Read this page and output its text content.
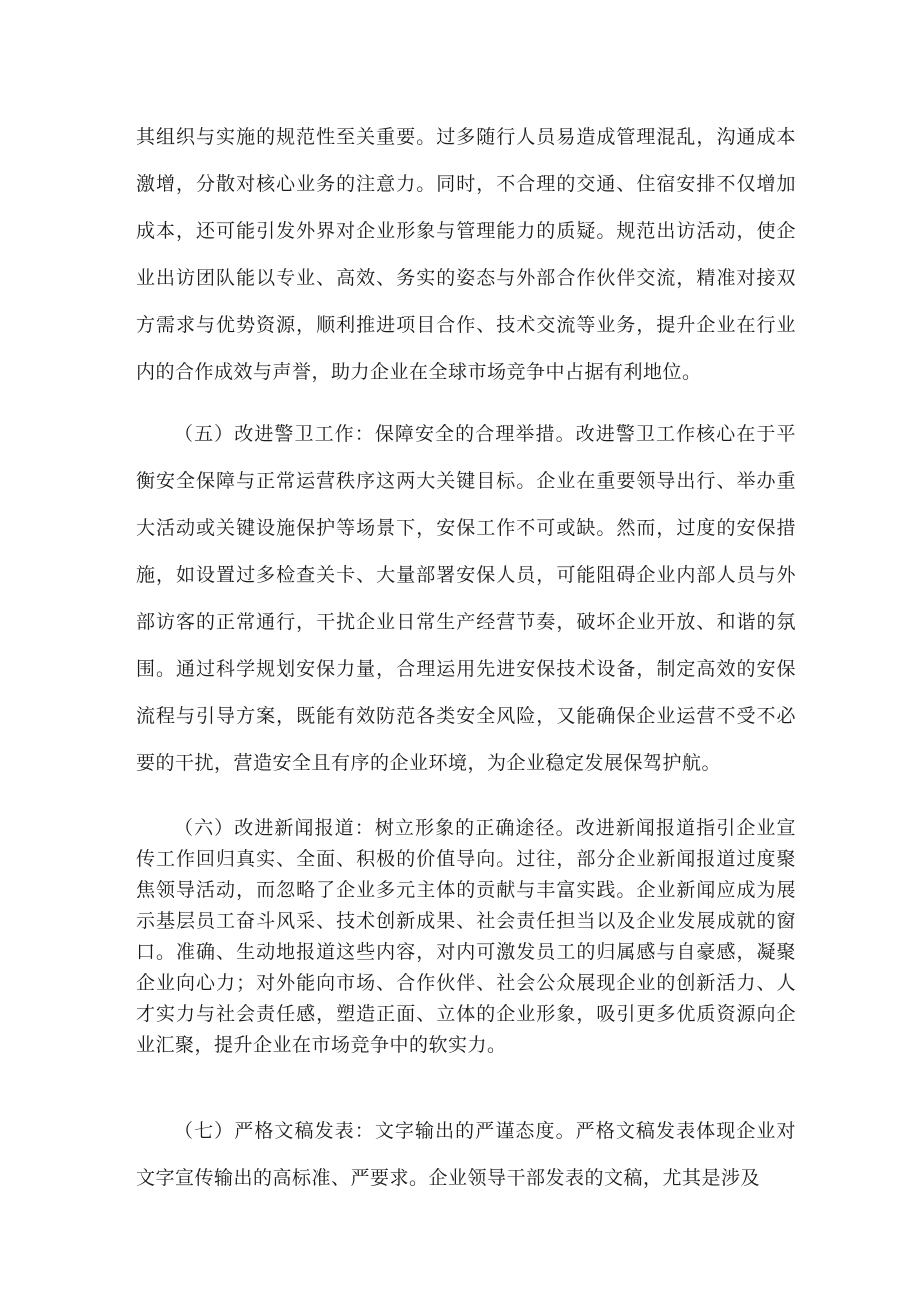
其组织与实施的规范性至关重要。过多随行人员易造成管理混乱，沟通成本激增，分散对核心业务的注意力。同时，不合理的交通、住宿安排不仅增加成本，还可能引发外界对企业形象与管理能力的质疑。规范出访活动，使企业出访团队能以专业、高效、务实的姿态与外部合作伙伴交流，精准对接双方需求与优势资源，顺利推进项目合作、技术交流等业务，提升企业在行业内的合作成效与声誉，助力企业在全球市场竞争中占据有利地位。

（五）改进警卫工作：保障安全的合理举措。改进警卫工作核心在于平衡安全保障与正常运营秩序这两大关键目标。企业在重要领导出行、举办重大活动或关键设施保护等场景下，安保工作不可或缺。然而，过度的安保措施，如设置过多检查关卡、大量部署安保人员，可能阻碍企业内部人员与外部访客的正常通行，干扰企业日常生产经营节奏，破坏企业开放、和谐的氛围。通过科学规划安保力量，合理运用先进安保技术设备，制定高效的安保流程与引导方案，既能有效防范各类安全风险，又能确保企业运营不受不必要的干扰，营造安全且有序的企业环境，为企业稳定发展保驾护航。

（六）改进新闻报道：树立形象的正确途径。改进新闻报道指引企业宣传工作回归真实、全面、积极的价值导向。过往，部分企业新闻报道过度聚焦领导活动，而忽略了企业多元主体的贡献与丰富实践。企业新闻应成为展示基层员工奋斗风采、技术创新成果、社会责任担当以及企业发展成就的窗口。准确、生动地报道这些内容，对内可激发员工的归属感与自豪感，凝聚企业向心力；对外能向市场、合作伙伴、社会公众展现企业的创新活力、人才实力与社会责任感，塑造正面、立体的企业形象，吸引更多优质资源向企业汇聚，提升企业在市场竞争中的软实力。

（七）严格文稿发表：文字输出的严谨态度。严格文稿发表体现企业对文字宣传输出的高标准、严要求。企业领导干部发表的文稿，尤其是涉及
